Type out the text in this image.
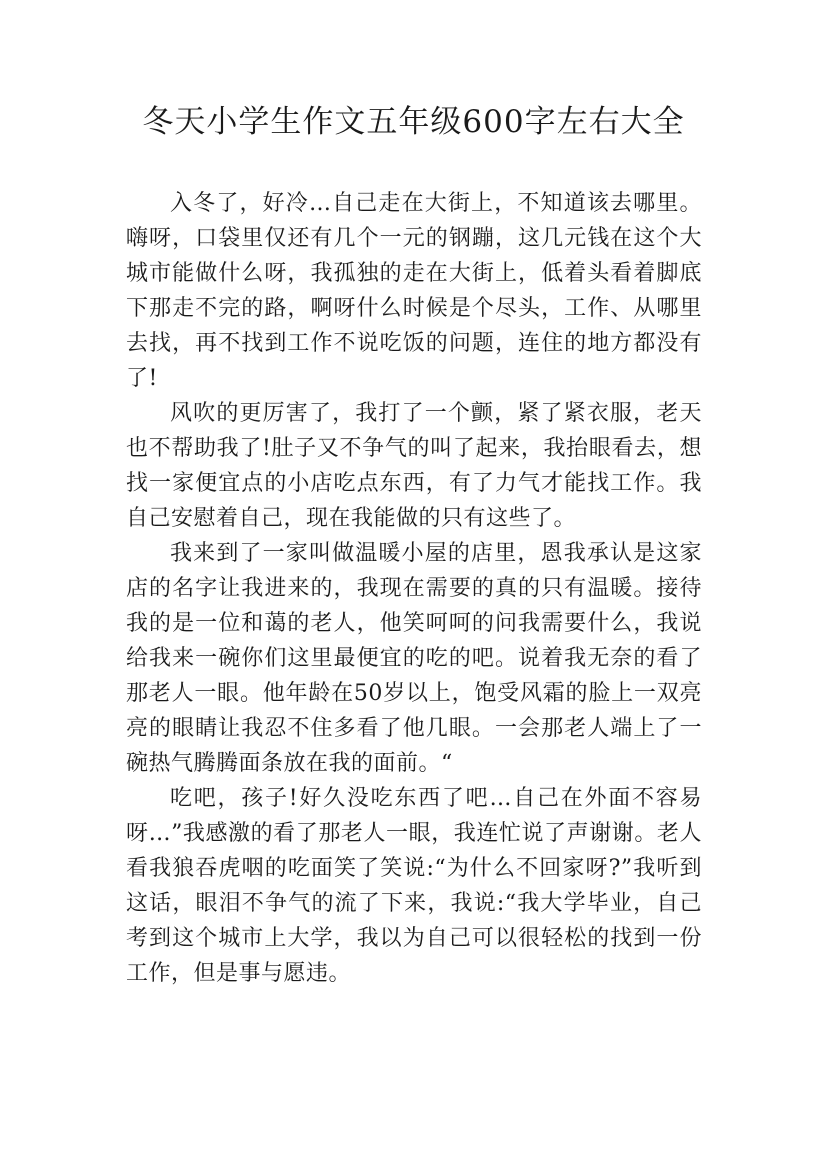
冬天小学生作文五年级600字左右大全

入冬了，好冷…自己走在大街上，不知道该去哪里。嗨呀，口袋里仅还有几个一元的钢蹦，这几元钱在这个大城市能做什么呀，我孤独的走在大街上，低着头看着脚底下那走不完的路，啊呀什么时候是个尽头，工作、从哪里去找，再不找到工作不说吃饭的问题，连住的地方都没有了!

风吹的更厉害了，我打了一个颤，紧了紧衣服，老天也不帮助我了!肚子又不争气的叫了起来，我抬眼看去，想找一家便宜点的小店吃点东西，有了力气才能找工作。我自己安慰着自己，现在我能做的只有这些了。

我来到了一家叫做温暖小屋的店里，恩我承认是这家店的名字让我进来的，我现在需要的真的只有温暖。接待我的是一位和蔼的老人，他笑呵呵的问我需要什么，我说给我来一碗你们这里最便宜的吃的吧。说着我无奈的看了那老人一眼。他年龄在50岁以上，饱受风霜的脸上一双亮亮的眼睛让我忍不住多看了他几眼。一会那老人端上了一碗热气腾腾面条放在我的面前。“

吃吧，孩子!好久没吃东西了吧…自己在外面不容易呀…”我感激的看了那老人一眼，我连忙说了声谢谢。老人看我狼吞虎咽的吃面笑了笑说:“为什么不回家呀?”我听到这话，眼泪不争气的流了下来，我说:“我大学毕业，自己考到这个城市上大学，我以为自己可以很轻松的找到一份工作，但是事与愿违。
